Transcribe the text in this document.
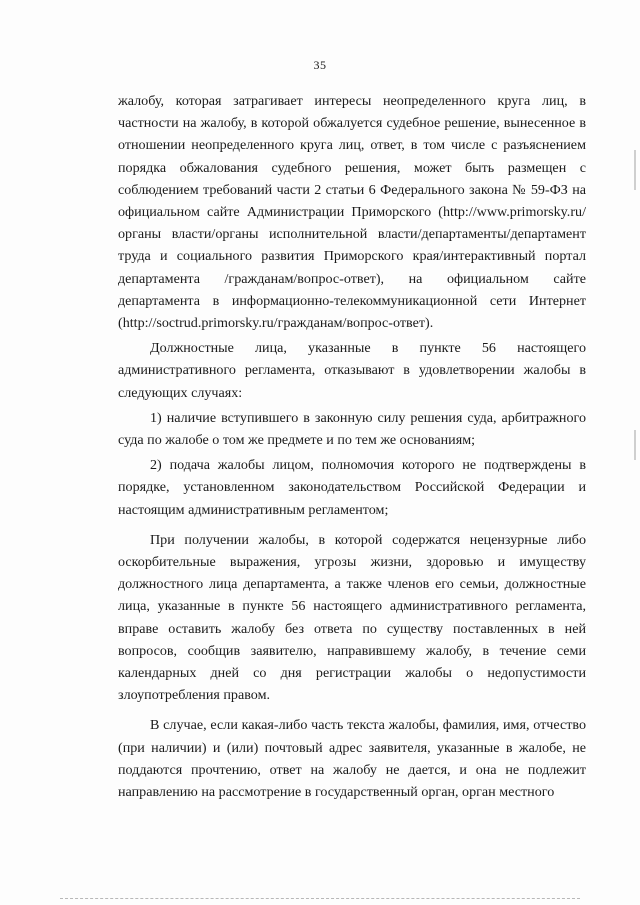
35

жалобу, которая затрагивает интересы неопределенного круга лиц, в частности на жалобу, в которой обжалуется судебное решение, вынесенное в отношении неопределенного круга лиц, ответ, в том числе с разъяснением порядка обжалования судебного решения, может быть размещен с соблюдением требований части 2 статьи 6 Федерального закона № 59-ФЗ на официальном сайте Администрации Приморского (http://www.primorsky.ru/ органы власти/органы исполнительной власти/департаменты/департамент труда и социального развития Приморского края/интерактивный портал департамента /гражданам/вопрос-ответ), на официальном сайте департамента в информационно-телекоммуникационной сети Интернет (http://soctrud.primorsky.ru/гражданам/вопрос-ответ).

Должностные лица, указанные в пункте 56 настоящего административного регламента, отказывают в удовлетворении жалобы в следующих случаях:

1) наличие вступившего в законную силу решения суда, арбитражного суда по жалобе о том же предмете и по тем же основаниям;

2) подача жалобы лицом, полномочия которого не подтверждены в порядке, установленном законодательством Российской Федерации и настоящим административным регламентом;

При получении жалобы, в которой содержатся нецензурные либо оскорбительные выражения, угрозы жизни, здоровью и имуществу должностного лица департамента, а также членов его семьи, должностные лица, указанные в пункте 56 настоящего административного регламента, вправе оставить жалобу без ответа по существу поставленных в ней вопросов, сообщив заявителю, направившему жалобу, в течение семи календарных дней со дня регистрации жалобы о недопустимости злоупотребления правом.

В случае, если какая-либо часть текста жалобы, фамилия, имя, отчество (при наличии) и (или) почтовый адрес заявителя, указанные в жалобе, не поддаются прочтению, ответ на жалобу не дается, и она не подлежит направлению на рассмотрение в государственный орган, орган местного
